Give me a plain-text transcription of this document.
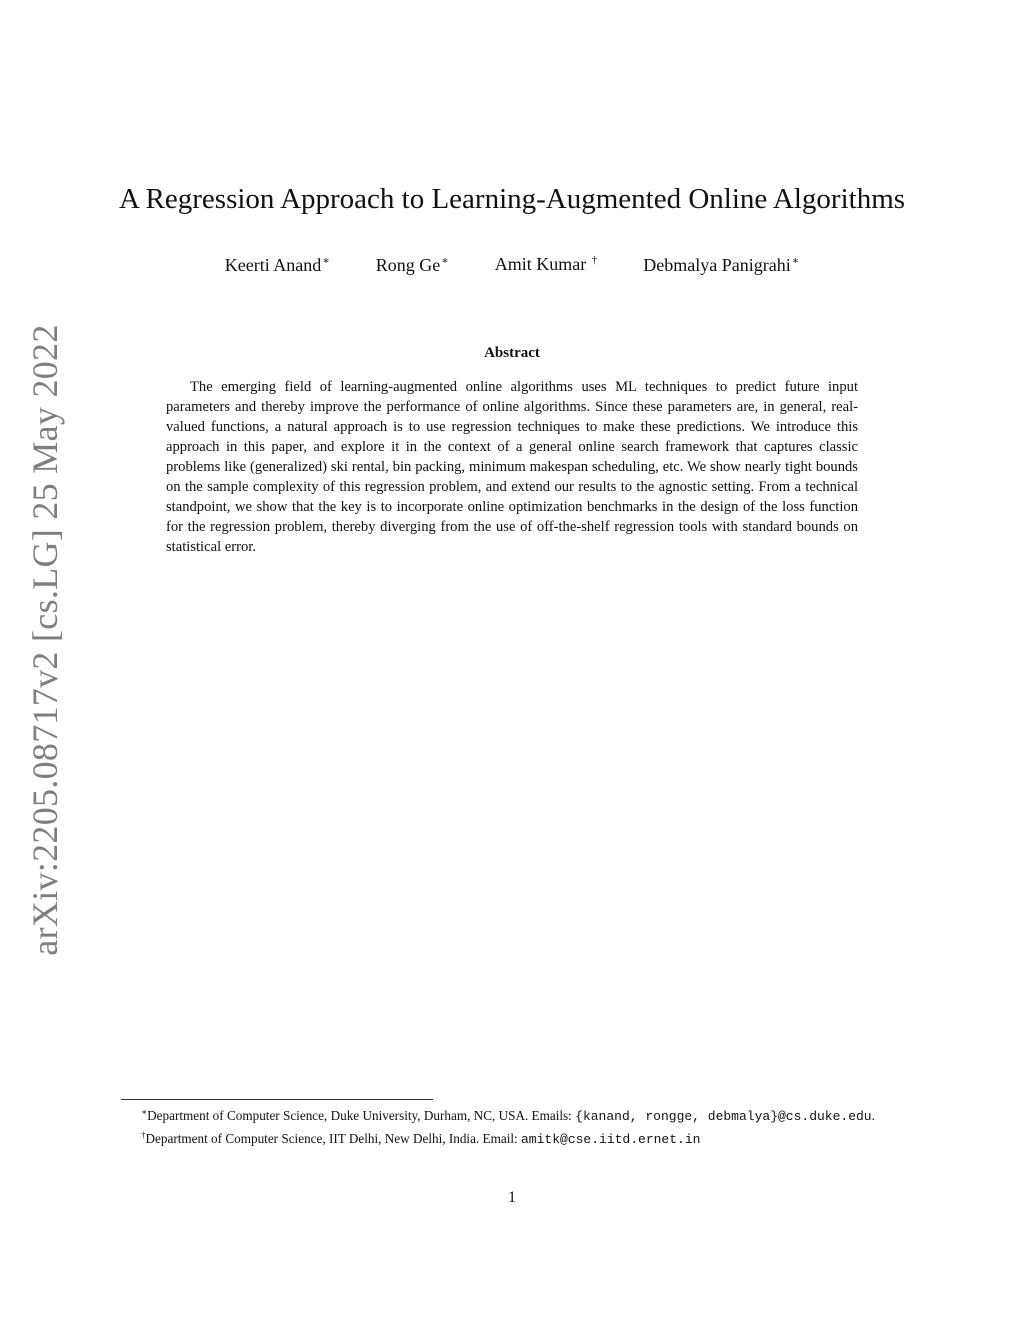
arXiv:2205.08717v2 [cs.LG] 25 May 2022
A Regression Approach to Learning-Augmented Online Algorithms
Keerti Anand∗	Rong Ge∗	Amit Kumar †	Debmalya Panigrahi∗
Abstract

The emerging field of learning-augmented online algorithms uses ML techniques to predict future input parameters and thereby improve the performance of online algorithms. Since these parameters are, in general, real-valued functions, a natural approach is to use regression techniques to make these predictions. We introduce this approach in this paper, and explore it in the context of a general online search framework that captures classic problems like (generalized) ski rental, bin packing, minimum makespan scheduling, etc. We show nearly tight bounds on the sample complexity of this regression problem, and extend our results to the agnostic setting. From a technical standpoint, we show that the key is to incorporate online optimization benchmarks in the design of the loss function for the regression problem, thereby diverging from the use of off-the-shelf regression tools with standard bounds on statistical error.

∗Department of Computer Science, Duke University, Durham, NC, USA. Emails: {kanand, rongge, debmalya}@cs.duke.edu.

†Department of Computer Science, IIT Delhi, New Delhi, India. Email: amitk@cse.iitd.ernet.in

1
